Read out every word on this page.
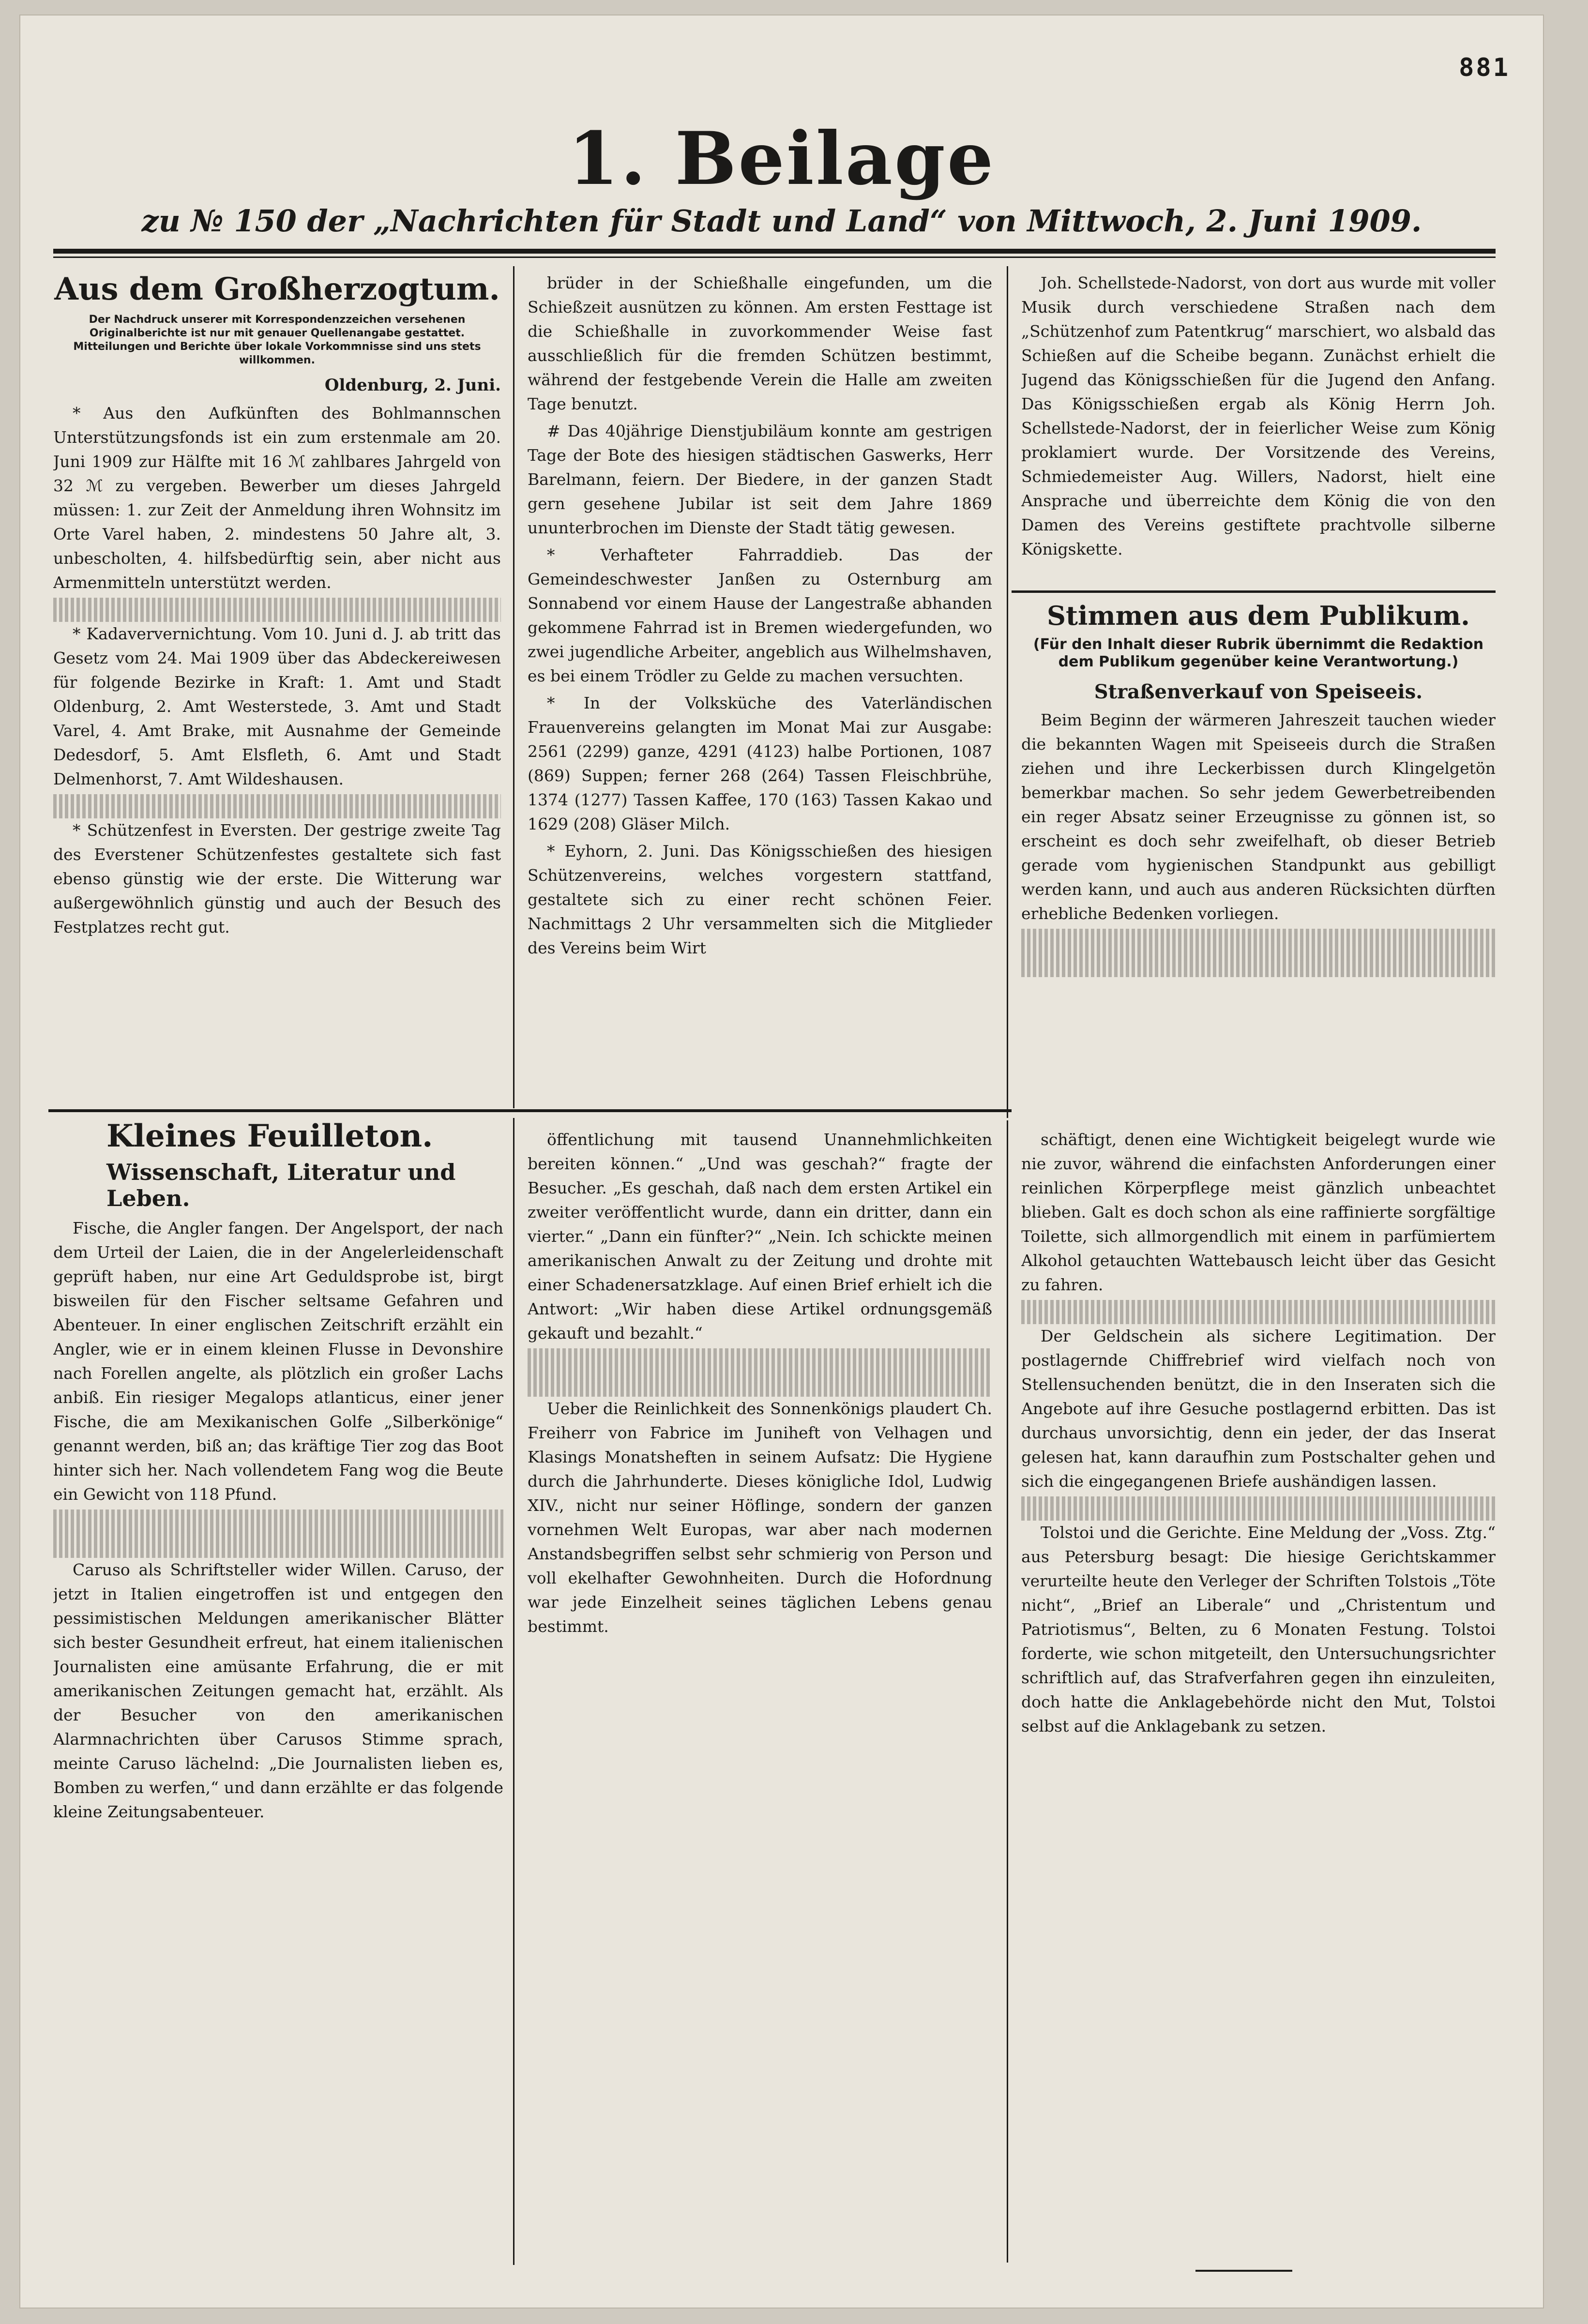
881
1. Beilage
zu № 150 der „Nachrichten für Stadt und Land“ von Mittwoch, 2. Juni 1909.
Aus dem Großherzogtum.
Der Nachdruck unserer mit Korrespondenzzeichen versehenen Originalberichte ist nur mit genauer Quellenangabe gestattet. Mitteilungen und Berichte über lokale Vorkommnisse sind uns stets willkommen.
Oldenburg, 2. Juni.

* Aus den Aufkünften des Bohlmannschen Unterstützungsfonds ist ein zum erstenmale am 20. Juni 1909 zur Hälfte mit 16 ℳ zahlbares Jahrgeld von 32 ℳ zu vergeben. Bewerber um dieses Jahrgeld müssen: 1. zur Zeit der Anmeldung ihren Wohnsitz im Orte Varel haben, 2. mindestens 50 Jahre alt, 3. unbescholten, 4. hilfsbedürftig sein, aber nicht aus Armenmitteln unterstützt werden.

* Kadaververnichtung. Vom 10. Juni d. J. ab tritt das Gesetz vom 24. Mai 1909 über das Abdeckereiwesen für folgende Bezirke in Kraft: 1. Amt und Stadt Oldenburg, 2. Amt Westerstede, 3. Amt und Stadt Varel, 4. Amt Brake, mit Ausnahme der Gemeinde Dedesdorf, 5. Amt Elsfleth, 6. Amt und Stadt Delmenhorst, 7. Amt Wildeshausen.

* Schützenfest in Eversten. Der gestrige zweite Tag des Everstener Schützenfestes gestaltete sich fast ebenso günstig wie der erste. Die Witterung war außergewöhnlich günstig und auch der Besuch des Festplatzes recht gut.

brüder in der Schießhalle eingefunden, um die Schießzeit ausnützen zu können. Am ersten Festtage ist die Schießhalle in zuvorkommender Weise fast ausschließlich für die fremden Schützen bestimmt, während der festgebende Verein die Halle am zweiten Tage benutzt.

# Das 40jährige Dienstjubiläum konnte am gestrigen Tage der Bote des hiesigen städtischen Gaswerks, Herr Barelmann, feiern. Der Biedere, in der ganzen Stadt gern gesehene Jubilar ist seit dem Jahre 1869 ununterbrochen im Dienste der Stadt tätig gewesen.

* Verhafteter Fahrraddieb. Das der Gemeindeschwester Janßen zu Osternburg am Sonnabend vor einem Hause der Langestraße abhanden gekommene Fahrrad ist in Bremen wiedergefunden, wo zwei jugendliche Arbeiter, angeblich aus Wilhelmshaven, es bei einem Trödler zu Gelde zu machen versuchten.

* In der Volksküche des Vaterländischen Frauenvereins gelangten im Monat Mai zur Ausgabe: 2561 (2299) ganze, 4291 (4123) halbe Portionen, 1087 (869) Suppen; ferner 268 (264) Tassen Fleischbrühe, 1374 (1277) Tassen Kaffee, 170 (163) Tassen Kakao und 1629 (208) Gläser Milch.

* Eyhorn, 2. Juni. Das Königsschießen des hiesigen Schützenvereins, welches vorgestern stattfand, gestaltete sich zu einer recht schönen Feier. Nachmittags 2 Uhr versammelten sich die Mitglieder des Vereins beim Wirt

Joh. Schellstede-Nadorst, von dort aus wurde mit voller Musik durch verschiedene Straßen nach dem „Schützenhof zum Patentkrug“ marschiert, wo alsbald das Schießen auf die Scheibe begann. Zunächst erhielt die Jugend das Königsschießen für die Jugend den Anfang. Das Königsschießen ergab als König Herrn Joh. Schellstede-Nadorst, der in feierlicher Weise zum König proklamiert wurde. Der Vorsitzende des Vereins, Schmiedemeister Aug. Willers, Nadorst, hielt eine Ansprache und überreichte dem König die von den Damen des Vereins gestiftete prachtvolle silberne Königskette.

Stimmen aus dem Publikum.
(Für den Inhalt dieser Rubrik übernimmt die Redaktion dem Publikum gegenüber keine Verantwortung.)
Straßenverkauf von Speiseeis.

Beim Beginn der wärmeren Jahreszeit tauchen wieder die bekannten Wagen mit Speiseeis durch die Straßen ziehen und ihre Leckerbissen durch Klingelgetön bemerkbar machen. So sehr jedem Gewerbetreibenden ein reger Absatz seiner Erzeugnisse zu gönnen ist, so erscheint es doch sehr zweifelhaft, ob dieser Betrieb gerade vom hygienischen Standpunkt aus gebilligt werden kann, und auch aus anderen Rücksichten dürften erhebliche Bedenken vorliegen.

Kleines Feuilleton.
Wissenschaft, Literatur und Leben.

Fische, die Angler fangen. Der Angelsport, der nach dem Urteil der Laien, die in der Angelerleidenschaft geprüft haben, nur eine Art Geduldsprobe ist, birgt bisweilen für den Fischer seltsame Gefahren und Abenteuer. In einer englischen Zeitschrift erzählt ein Angler, wie er in einem kleinen Flusse in Devonshire nach Forellen angelte, als plötzlich ein großer Lachs anbiß. Ein riesiger Megalops atlanticus, einer jener Fische, die am Mexikanischen Golfe „Silberkönige“ genannt werden, biß an; das kräftige Tier zog das Boot hinter sich her. Nach vollendetem Fang wog die Beute ein Gewicht von 118 Pfund.

Caruso als Schriftsteller wider Willen. Caruso, der jetzt in Italien eingetroffen ist und entgegen den pessimistischen Meldungen amerikanischer Blätter sich bester Gesundheit erfreut, hat einem italienischen Journalisten eine amüsante Erfahrung, die er mit amerikanischen Zeitungen gemacht hat, erzählt. Als der Besucher von den amerikanischen Alarmnachrichten über Carusos Stimme sprach, meinte Caruso lächelnd: „Die Journalisten lieben es, Bomben zu werfen,“ und dann erzählte er das folgende kleine Zeitungsabenteuer.

öffentlichung mit tausend Unannehmlichkeiten bereiten können.“ „Und was geschah?“ fragte der Besucher. „Es geschah, daß nach dem ersten Artikel ein zweiter veröffentlicht wurde, dann ein dritter, dann ein vierter.“ „Dann ein fünfter?“ „Nein. Ich schickte meinen amerikanischen Anwalt zu der Zeitung und drohte mit einer Schadenersatzklage. Auf einen Brief erhielt ich die Antwort: „Wir haben diese Artikel ordnungsgemäß gekauft und bezahlt.“

Ueber die Reinlichkeit des Sonnenkönigs plaudert Ch. Freiherr von Fabrice im Juniheft von Velhagen und Klasings Monatsheften in seinem Aufsatz: Die Hygiene durch die Jahrhunderte. Dieses königliche Idol, Ludwig XIV., nicht nur seiner Höflinge, sondern der ganzen vornehmen Welt Europas, war aber nach modernen Anstandsbegriffen selbst sehr schmierig von Person und voll ekelhafter Gewohnheiten. Durch die Hofordnung war jede Einzelheit seines täglichen Lebens genau bestimmt.

schäftigt, denen eine Wichtigkeit beigelegt wurde wie nie zuvor, während die einfachsten Anforderungen einer reinlichen Körperpflege meist gänzlich unbeachtet blieben. Galt es doch schon als eine raffinierte sorgfältige Toilette, sich allmorgendlich mit einem in parfümiertem Alkohol getauchten Wattebausch leicht über das Gesicht zu fahren.

Der Geldschein als sichere Legitimation. Der postlagernde Chiffrebrief wird vielfach noch von Stellensuchenden benützt, die in den Inseraten sich die Angebote auf ihre Gesuche postlagernd erbitten. Das ist durchaus unvorsichtig, denn ein jeder, der das Inserat gelesen hat, kann daraufhin zum Postschalter gehen und sich die eingegangenen Briefe aushändigen lassen.

Tolstoi und die Gerichte. Eine Meldung der „Voss. Ztg.“ aus Petersburg besagt: Die hiesige Gerichtskammer verurteilte heute den Verleger der Schriften Tolstois „Töte nicht“, „Brief an Liberale“ und „Christentum und Patriotismus“, Belten, zu 6 Monaten Festung. Tolstoi forderte, wie schon mitgeteilt, den Untersuchungsrichter schriftlich auf, das Strafverfahren gegen ihn einzuleiten, doch hatte die Anklagebehörde nicht den Mut, Tolstoi selbst auf die Anklagebank zu setzen.
